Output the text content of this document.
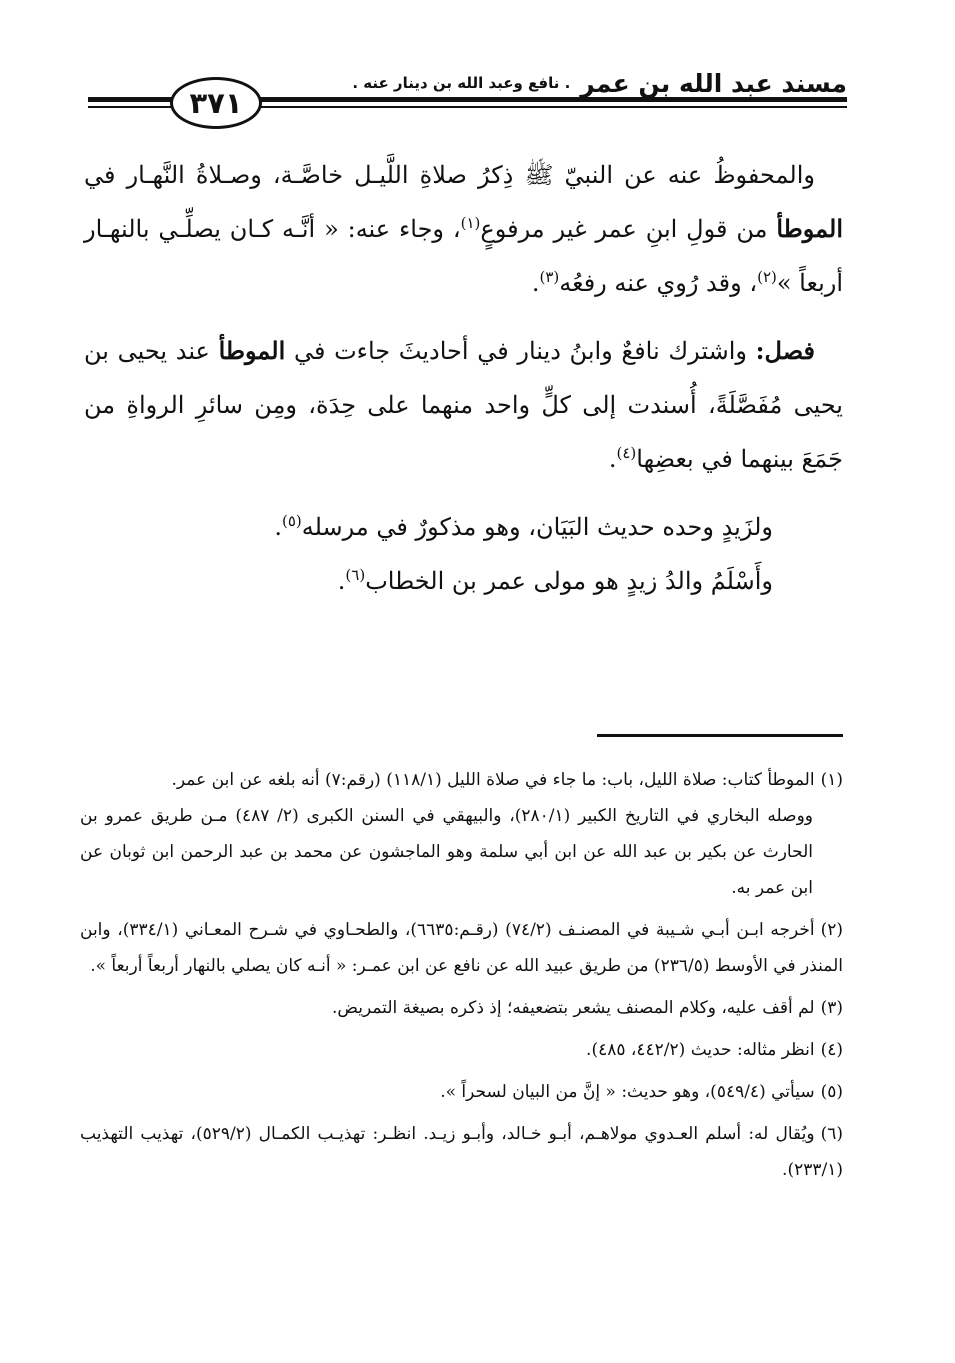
مسند عبد الله بن عمر
. نافع وعبد الله بن دينار عنه .
٣٧١

والمحفوظُ عنه عن النبيّ ﷺ ذِكرُ صلاةِ اللَّيـل خاصَّـة، وصـلاةُ النَّهـار في الموطأ من قولِ ابنِ عمر غير مرفوعٍ$^{(١)}$، وجاء عنه: « أنَّـه كـان يصلِّـي بالنهـار أربعاً »$^{(٢)}$، وقد رُوي عنه رفعُه$^{(٣)}$.

فصل: واشترك نافعٌ وابنُ دينار في أحاديثَ جاءت في الموطأ عند يحيى بن يحيى مُفَصَّلَةً، أُسندت إلى كلٍّ واحد منهما على حِدَة، ومِن سائرِ الرواةِ من جَمَعَ بينهما في بعضِها$^{(٤)}$.

ولزَيدٍ وحده حديث البَيَان، وهو مذكورٌ في مرسله$^{(٥)}$.

وأَسْلَمُ والدُ زيدٍ هو مولى عمر بن الخطاب$^{(٦)}$.

(١)الموطأ كتاب: صلاة الليل، باب: ما جاء في صلاة الليل (١١٨/١) (رقم:٧) أنه بلغه عن ابن عمر.
ووصله البخاري في التاريخ الكبير (٢٨٠/١)، والبيهقي في السنن الكبرى (٢/ ٤٨٧) مـن طريق عمرو بن الحارث عن بكير بن عبد الله عن ابن أبي سلمة وهو الماجشون عن محمد بن عبد الرحمن ابن ثوبان عن ابن عمر به.
(٢)أخرجه ابـن أبـي شـيبة في المصنـف (٧٤/٢) (رقـم:٦٦٣٥)، والطحـاوي في شـرح المعـاني (٣٣٤/١)، وابن المنذر في الأوسط (٢٣٦/٥) من طريق عبيد الله عن نافع عن ابن عمـر: « أنـه كان يصلي بالنهار أربعاً أربعاً ».
(٣)لم أقف عليه، وكلام المصنف يشعر بتضعيفه؛ إذ ذكره بصيغة التمريض.
(٤)انظر مثاله: حديث (٤٤٢/٢، ٤٨٥).
(٥)سيأتي (٥٤٩/٤)، وهو حديث: « إنَّ من البيان لسحراً ».
(٦)ويُقال له: أسلم العـدوي مولاهـم، أبـو خـالد، وأبـو زيـد. انظـر: تهذيـب الكمـال (٥٢٩/٢)، تهذيب التهذيب (٢٣٣/١).
